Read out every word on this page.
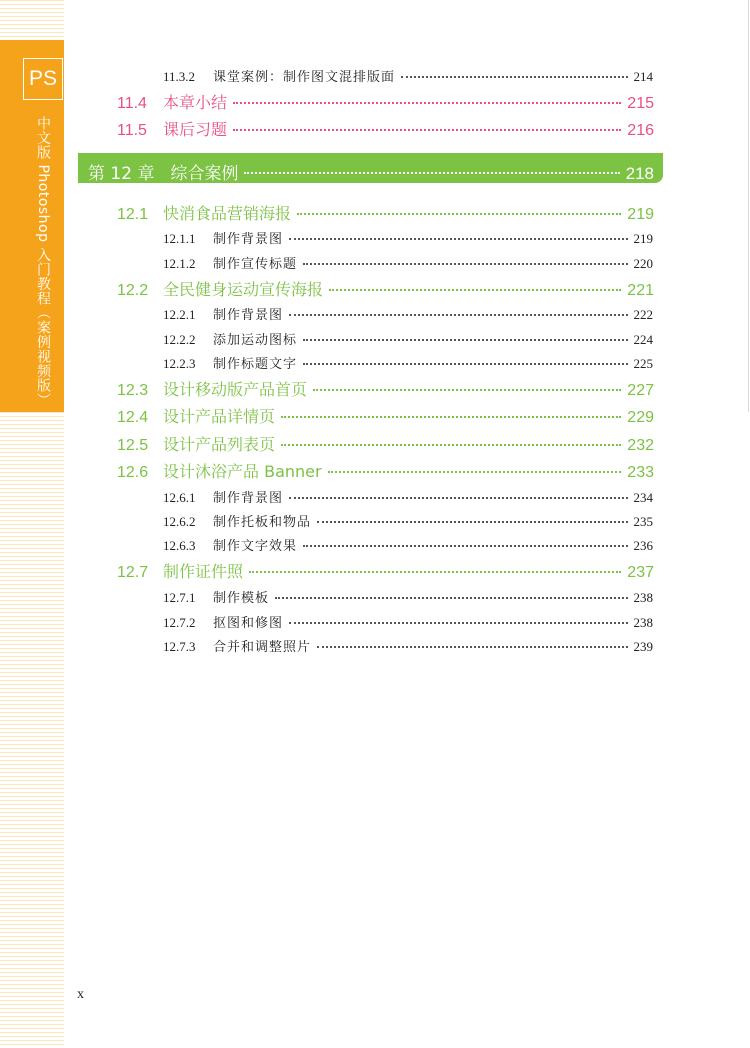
PS
中文版 Photoshop 入门教程（案例视频版）
11.3.2	课堂案例：制作图文混排版面	214
11.4	本章小结	215
11.5	课后习题	216
第 12 章 综合案例	218
12.1 快消食品营销海报	219
12.1.1	制作背景图	219
12.1.2	制作宣传标题	220
12.2 全民健身运动宣传海报	221
12.2.1	制作背景图	222
12.2.2	添加运动图标	224
12.2.3	制作标题文字	225
12.3 设计移动版产品首页	227
12.4 设计产品详情页	229
12.5 设计产品列表页	232
12.6 设计沐浴产品 Banner	233
12.6.1	制作背景图	234
12.6.2	制作托板和物品	235
12.6.3	制作文字效果	236
12.7 制作证件照	237
12.7.1	制作模板	238
12.7.2	抠图和修图	238
12.7.3	合并和调整照片	239
x
